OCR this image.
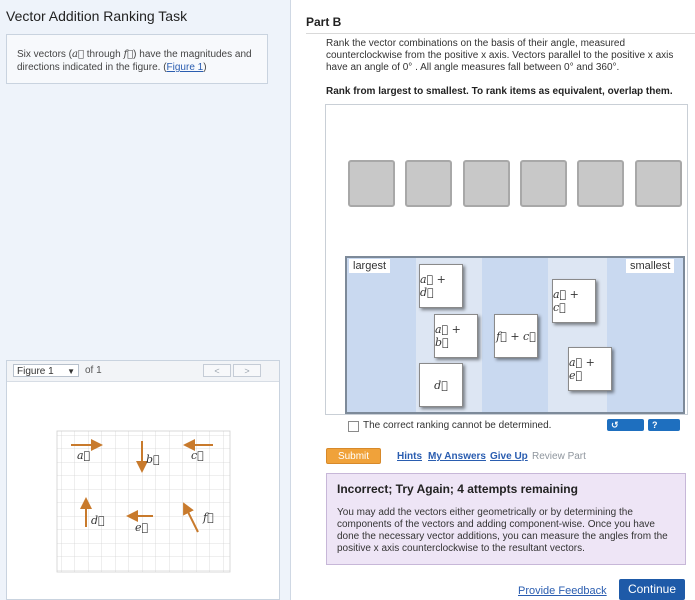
Vector Addition Ranking Task
Six vectors (a⃗ through f⃗) have the magnitudes and directions indicated in the figure. (Figure 1)
Figure 1 ▼ of 1	<	>
a⃗	b⃗	c⃗
d⃗
e⃗
f⃗
Part B
Rank the vector combinations on the basis of their angle, measured counterclockwise from the positive x axis. Vectors parallel to the positive x axis have an angle of 0° . All angle measures fall between 0° and 360°.
Rank from largest to smallest. To rank items as equivalent, overlap them.
largest	smallest
a⃗ + d⃗
a⃗ + b⃗
d⃗
f⃗ + c⃗
a⃗ + c⃗
a⃗ + e⃗
The correct ranking cannot be determined.	↺ reset
? help
Submit	Hints My Answers Give Up Review Part
Incorrect; Try Again; 4 attempts remaining
You may add the vectors either geometrically or by determining the components of the vectors and adding component-wise. Once you have done the necessary vector additions, you can measure the angles from the positive x axis counterclockwise to the resultant vectors.
Provide Feedback	Continue
